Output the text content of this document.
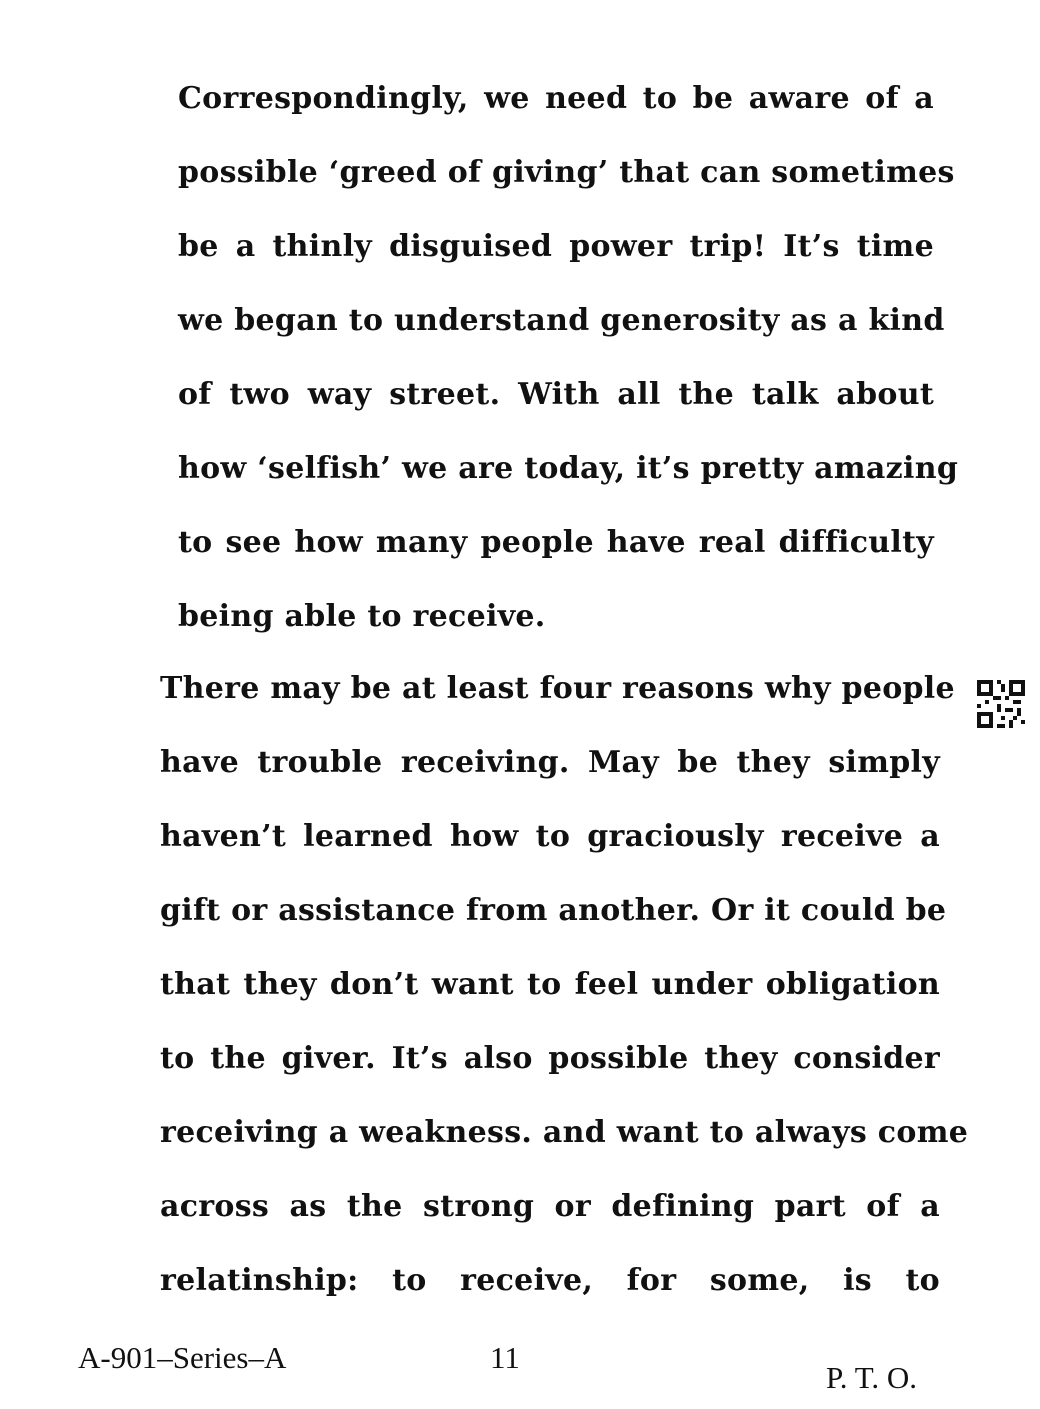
Correspondingly, we need to be aware of a
possible ‘greed of giving’ that can sometimes
be a thinly disguised power trip! It’s time
we began to understand generosity as a kind
of two way street. With all the talk about
how ‘selfish’ we are today, it’s pretty amazing
to see how many people have real difficulty
being able to receive.
There may be at least four reasons why people
have trouble receiving. May be they simply
haven’t learned how to graciously receive a
gift or assistance from another. Or it could be
that they don’t want to feel under obligation
to the giver. It’s also possible they consider
receiving a weakness. and want to always come
across as the strong or defining part of a
relatinship: to receive, for some, is to
A-901–Series–A	11
P. T. O.
